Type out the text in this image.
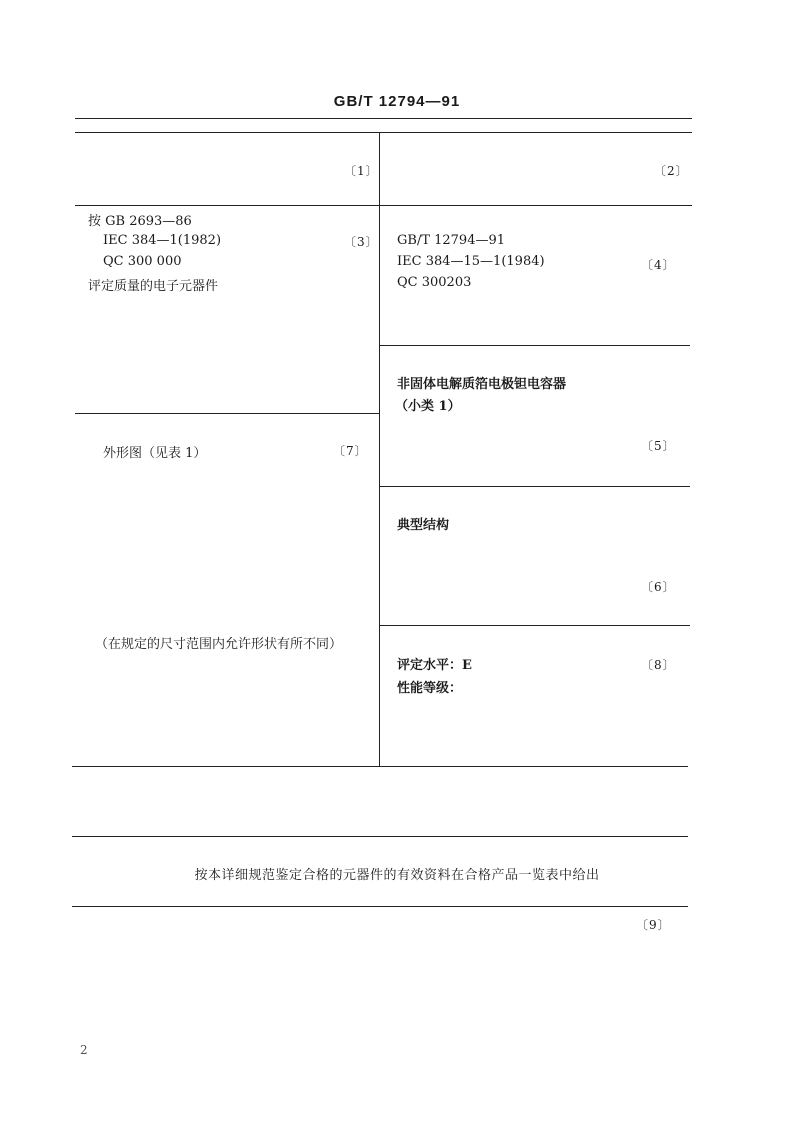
GB/T 12794—91
〔1〕	〔2〕
按 GB 2693—86
IEC 384—1(1982)
QC 300 000
评定质量的电子元器件
〔3〕 GB/T 12794—91
IEC 384—15—1(1984)
QC 300203
〔4〕
非固体电解质箔电极钽电容器
（小类 1）
〔5〕
典型结构
〔6〕
外形图（见表 1）	〔7〕
（在规定的尺寸范围内允许形状有所不同）
评定水平：E
性能等级：
〔8〕
按本详细规范鉴定合格的元器件的有效资料在合格产品一览表中给出
〔9〕
2
